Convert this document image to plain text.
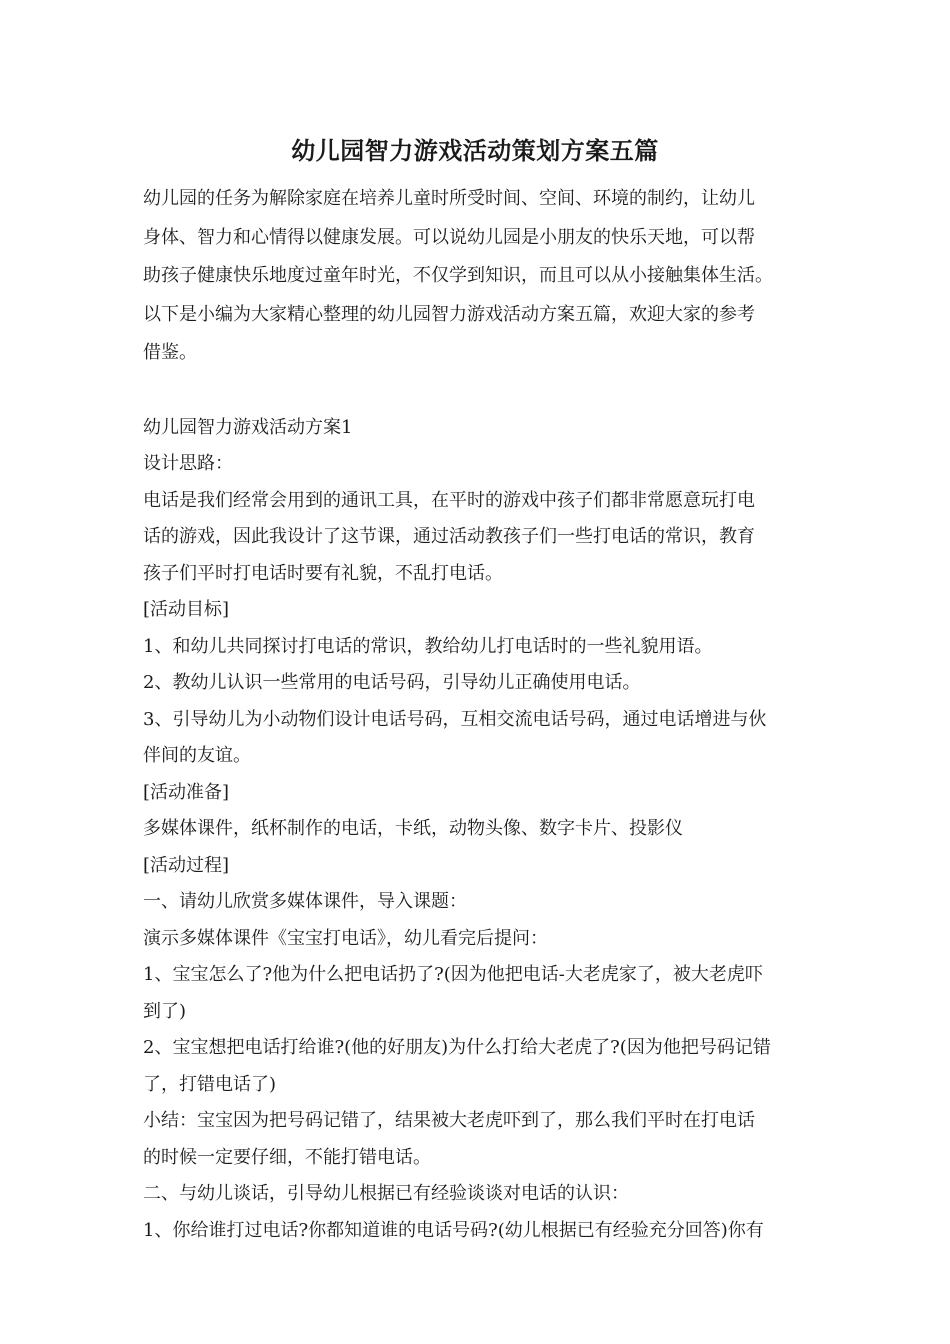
幼儿园智力游戏活动策划方案五篇

幼儿园的任务为解除家庭在培养儿童时所受时间、空间、环境的制约，让幼儿

身体、智力和心情得以健康发展。可以说幼儿园是小朋友的快乐天地，可以帮

助孩子健康快乐地度过童年时光，不仅学到知识，而且可以从小接触集体生活。

以下是小编为大家精心整理的幼儿园智力游戏活动方案五篇，欢迎大家的参考

借鉴。

幼儿园智力游戏活动方案1

设计思路：

电话是我们经常会用到的通讯工具，在平时的游戏中孩子们都非常愿意玩打电

话的游戏，因此我设计了这节课，通过活动教孩子们一些打电话的常识，教育

孩子们平时打电话时要有礼貌，不乱打电话。

[活动目标]

1、和幼儿共同探讨打电话的常识，教给幼儿打电话时的一些礼貌用语。

2、教幼儿认识一些常用的电话号码，引导幼儿正确使用电话。

3、引导幼儿为小动物们设计电话号码，互相交流电话号码，通过电话增进与伙

伴间的友谊。

[活动准备]

多媒体课件，纸杯制作的电话，卡纸，动物头像、数字卡片、投影仪

[活动过程]

一、请幼儿欣赏多媒体课件，导入课题：

演示多媒体课件《宝宝打电话》，幼儿看完后提问：

1、宝宝怎么了?他为什么把电话扔了?(因为他把电话-大老虎家了，被大老虎吓

到了)

2、宝宝想把电话打给谁?(他的好朋友)为什么打给大老虎了?(因为他把号码记错

了，打错电话了)

小结：宝宝因为把号码记错了，结果被大老虎吓到了，那么我们平时在打电话

的时候一定要仔细，不能打错电话。

二、与幼儿谈话，引导幼儿根据已有经验谈谈对电话的认识：

1、你给谁打过电话?你都知道谁的电话号码?(幼儿根据已有经验充分回答)你有
